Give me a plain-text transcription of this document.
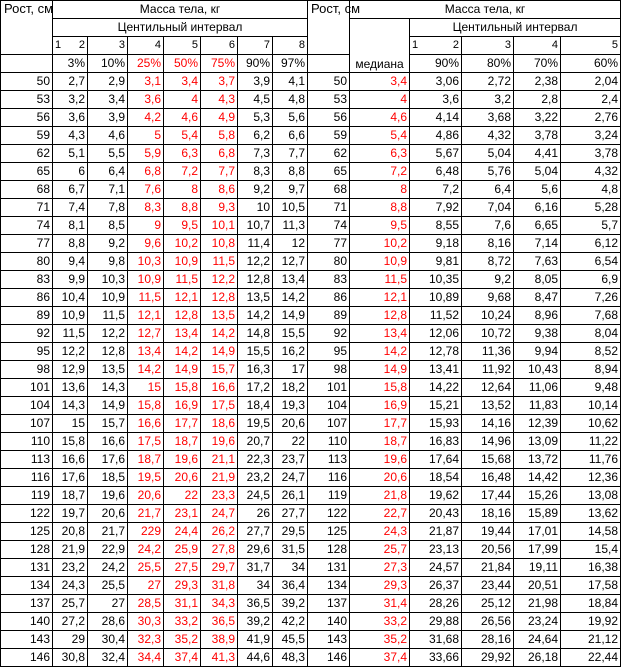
Рост, см	Масса тела, кг							Рост, см	Масса тела, кг				
	Центильный интервал								медиана	Центильный интервал			

	1 2	3	4	5	6	7	8			1 2	3	4	5
	3%	10%	25%	50%	75%	90%	97%			90%	80%	70%	60%
50	2,7	2,9	3,1	3,4	3,7	3,9	4,1	50	3,4	3,06	2,72	2,38	2,04
53	3,2	3,4	3,6	4	4,3	4,5	4,8	53	4	3,6	3,2	2,8	2,4
56	3,6	3,9	4,2	4,6	4,9	5,3	5,6	56	4,6	4,14	3,68	3,22	2,76
59	4,3	4,6	5	5,4	5,8	6,2	6,6	59	5,4	4,86	4,32	3,78	3,24
62	5,1	5,5	5,9	6,3	6,8	7,3	7,7	62	6,3	5,67	5,04	4,41	3,78
65	6	6,4	6,8	7,2	7,7	8,3	8,8	65	7,2	6,48	5,76	5,04	4,32
68	6,7	7,1	7,6	8	8,6	9,2	9,7	68	8	7,2	6,4	5,6	4,8
71	7,4	7,8	8,3	8,8	9,3	10	10,5	71	8,8	7,92	7,04	6,16	5,28
74	8,1	8,5	9	9,5	10,1	10,7	11,3	74	9,5	8,55	7,6	6,65	5,7
77	8,8	9,2	9,6	10,2	10,8	11,4	12	77	10,2	9,18	8,16	7,14	6,12
80	9,4	9,8	10,3	10,9	11,5	12,2	12,7	80	10,9	9,81	8,72	7,63	6,54
83	9,9	10,3	10,9	11,5	12,2	12,8	13,4	83	11,5	10,35	9,2	8,05	6,9
86	10,4	10,9	11,5	12,1	12,8	13,5	14,2	86	12,1	10,89	9,68	8,47	7,26
89	10,9	11,5	12,1	12,8	13,5	14,2	14,9	89	12,8	11,52	10,24	8,96	7,68
92	11,5	12,2	12,7	13,4	14,2	14,8	15,5	92	13,4	12,06	10,72	9,38	8,04
95	12,2	12,8	13,4	14,2	14,9	15,5	16,2	95	14,2	12,78	11,36	9,94	8,52
98	12,9	13,5	14,2	14,9	15,7	16,3	17	98	14,9	13,41	11,92	10,43	8,94
101	13,6	14,3	15	15,8	16,6	17,2	18,2	101	15,8	14,22	12,64	11,06	9,48
104	14,3	14,9	15,8	16,9	17,5	18,4	19,3	104	16,9	15,21	13,52	11,83	10,14
107	15	15,7	16,6	17,7	18,6	19,5	20,6	107	17,7	15,93	14,16	12,39	10,62
110	15,8	16,6	17,5	18,7	19,6	20,7	22	110	18,7	16,83	14,96	13,09	11,22
113	16,6	17,6	18,7	19,6	21,1	22,3	23,7	113	19,6	17,64	15,68	13,72	11,76
116	17,6	18,5	19,5	20,6	21,9	23,2	24,7	116	20,6	18,54	16,48	14,42	12,36
119	18,7	19,6	20,6	22	23,3	24,5	26,1	119	21,8	19,62	17,44	15,26	13,08
122	19,7	20,6	21,7	23,1	24,7	26	27,7	122	22,7	20,43	18,16	15,89	13,62
125	20,8	21,7	229	24,4	26,2	27,7	29,5	125	24,3	21,87	19,44	17,01	14,58
128	21,9	22,9	24,2	25,9	27,8	29,6	31,5	128	25,7	23,13	20,56	17,99	15,4
131	23,2	24,2	25,5	27,5	29,7	31,7	34	131	27,3	24,57	21,84	19,11	16,38
134	24,3	25,5	27	29,3	31,8	34	36,4	134	29,3	26,37	23,44	20,51	17,58
137	25,7	27	28,5	31,1	34,3	36,5	39,2	137	31,4	28,26	25,12	21,98	18,84
140	27,2	28,6	30,3	33,2	36,5	39,2	42,2	140	33,2	29,88	26,56	23,24	19,92
143	29	30,4	32,3	35,2	38,9	41,9	45,5	143	35,2	31,68	28,16	24,64	21,12
146	30,8	32,4	34,4	37,4	41,3	44,6	48,3	146	37,4	33,66	29,92	26,18	22,44
